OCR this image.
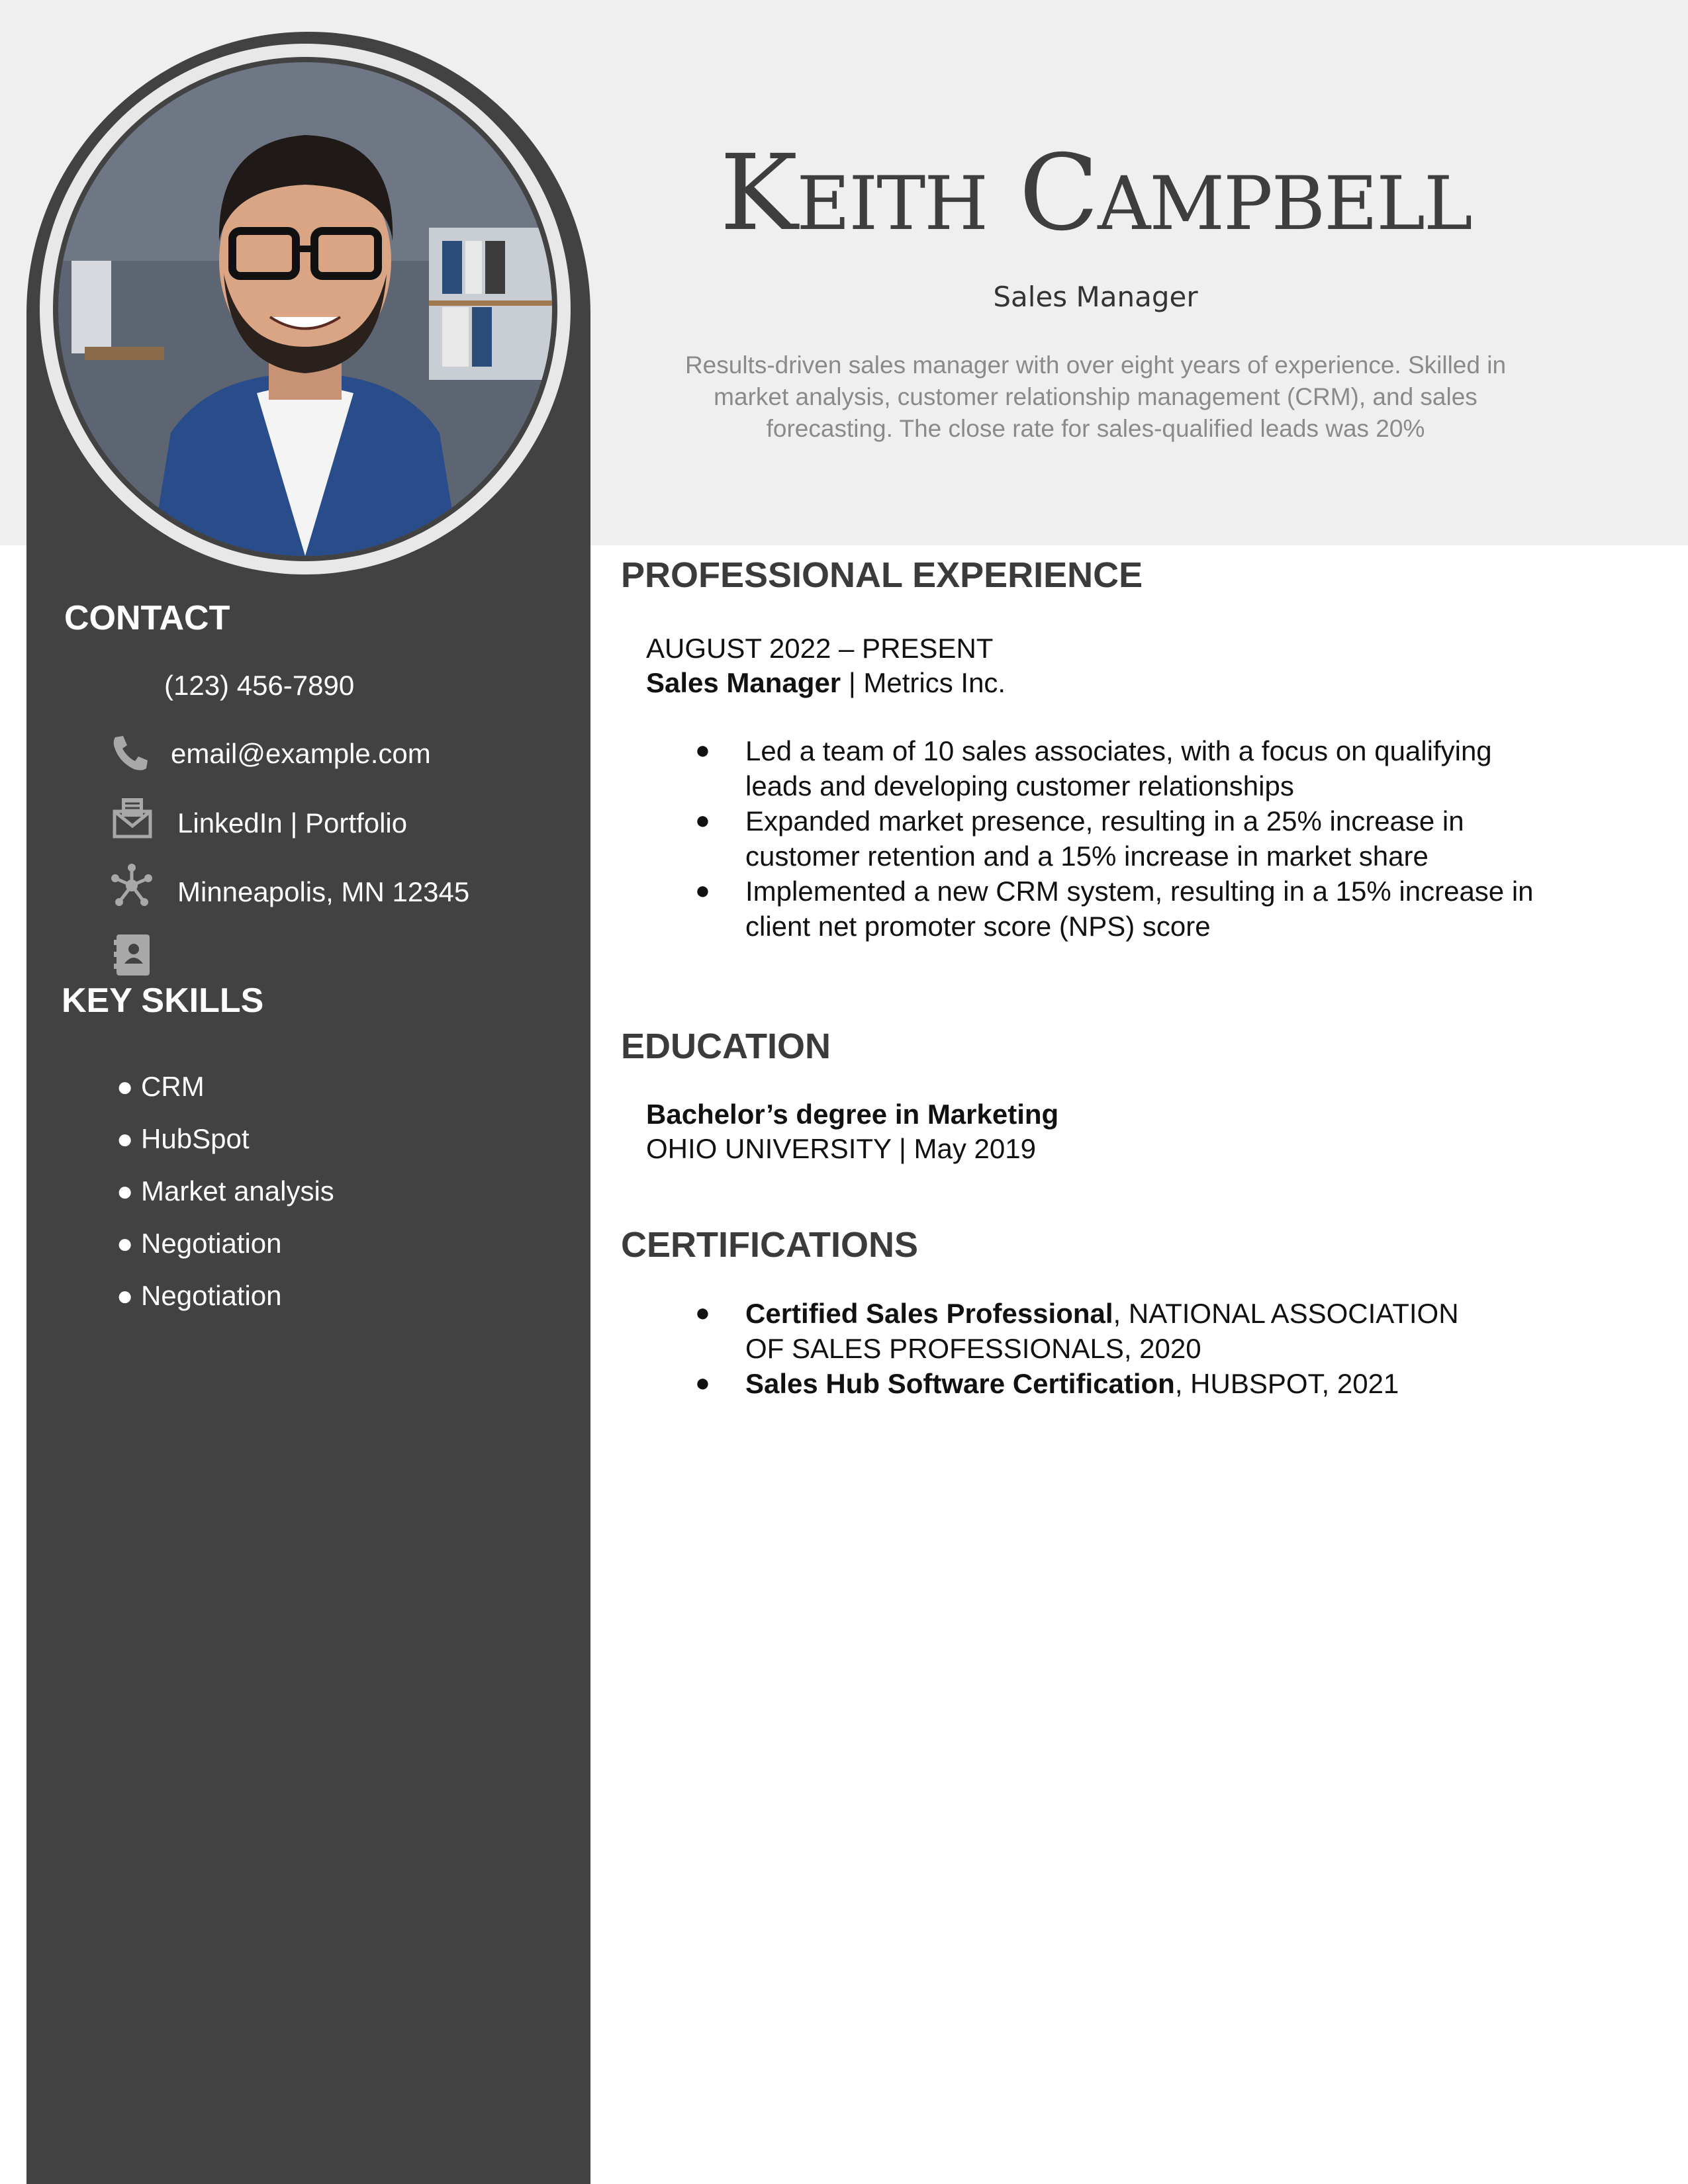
Keith Campbell
Sales Manager
Results-driven sales manager with over eight years of experience. Skilled in market analysis, customer relationship management (CRM), and sales forecasting. The close rate for sales-qualified leads was 20%
CONTACT
(123) 456-7890
email@example.com
LinkedIn | Portfolio
Minneapolis, MN 12345
KEY SKILLS
● CRM
● HubSpot
● Market analysis
● Negotiation
● Negotiation
PROFESSIONAL EXPERIENCE
AUGUST 2022 – PRESENT
Sales Manager | Metrics Inc.
● Led a team of 10 sales associates, with a focus on qualifying leads and developing customer relationships
● Expanded market presence, resulting in a 25% increase in customer retention and a 15% increase in market share
● Implemented a new CRM system, resulting in a 15% increase in client net promoter score (NPS) score
EDUCATION
Bachelor’s degree in Marketing
OHIO UNIVERSITY | May 2019
CERTIFICATIONS
● Certified Sales Professional, NATIONAL ASSOCIATION OF SALES PROFESSIONALS, 2020
● Sales Hub Software Certification, HUBSPOT, 2021
